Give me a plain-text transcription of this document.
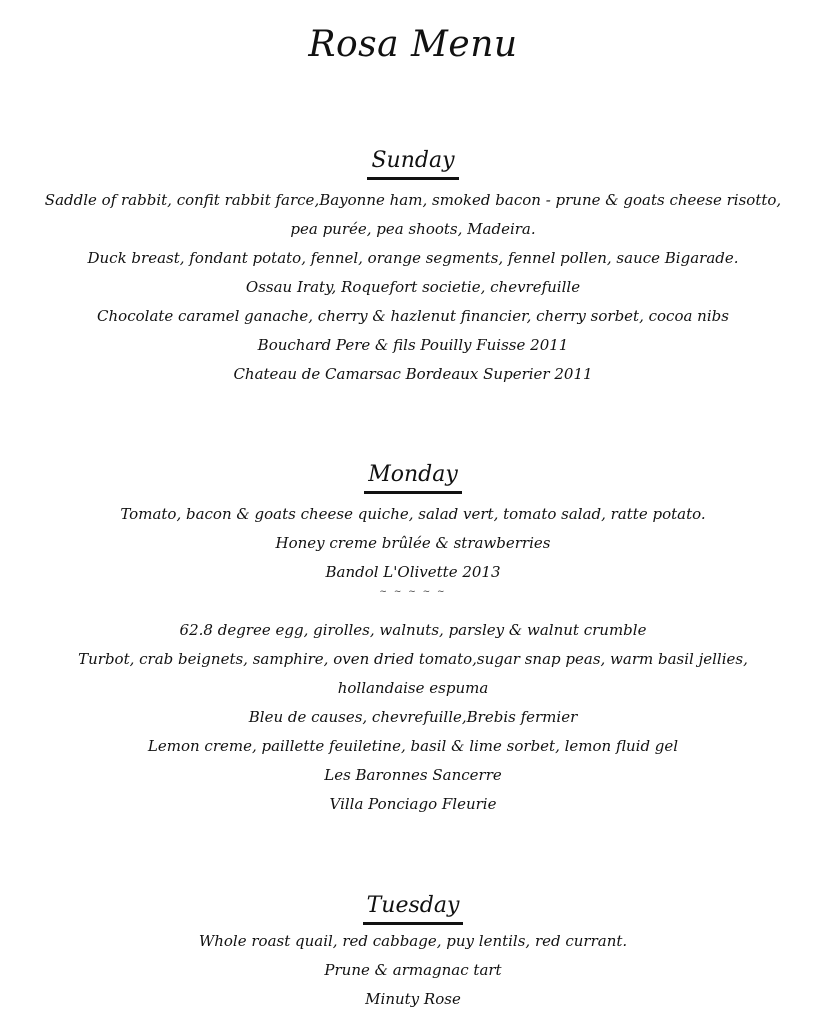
Rosa Menu
Sunday
Saddle of rabbit, confit rabbit farce,Bayonne ham, smoked bacon - prune & goats cheese risotto,
pea purée, pea shoots, Madeira.
Duck breast, fondant potato, fennel, orange segments, fennel pollen, sauce Bigarade.
Ossau Iraty, Roquefort societie, chevrefuille
Chocolate caramel ganache, cherry & hazlenut financier, cherry sorbet, cocoa nibs
Bouchard Pere & fils Pouilly Fuisse 2011
Chateau de Camarsac Bordeaux Superier 2011
Monday
Tomato, bacon & goats cheese quiche, salad vert, tomato salad, ratte potato.
Honey creme brûlée & strawberries
Bandol L'Olivette 2013
~ ~ ~ ~ ~
62.8 degree egg, girolles, walnuts, parsley & walnut crumble
Turbot, crab beignets, samphire, oven dried tomato,sugar snap peas, warm basil jellies,
hollandaise espuma
Bleu de causes, chevrefuille,Brebis fermier
Lemon creme, paillette feuiletine, basil & lime sorbet, lemon fluid gel
Les Baronnes Sancerre
Villa Ponciago Fleurie
Tuesday
Whole roast quail, red cabbage, puy lentils, red currant.
Prune & armagnac tart
Minuty Rose
